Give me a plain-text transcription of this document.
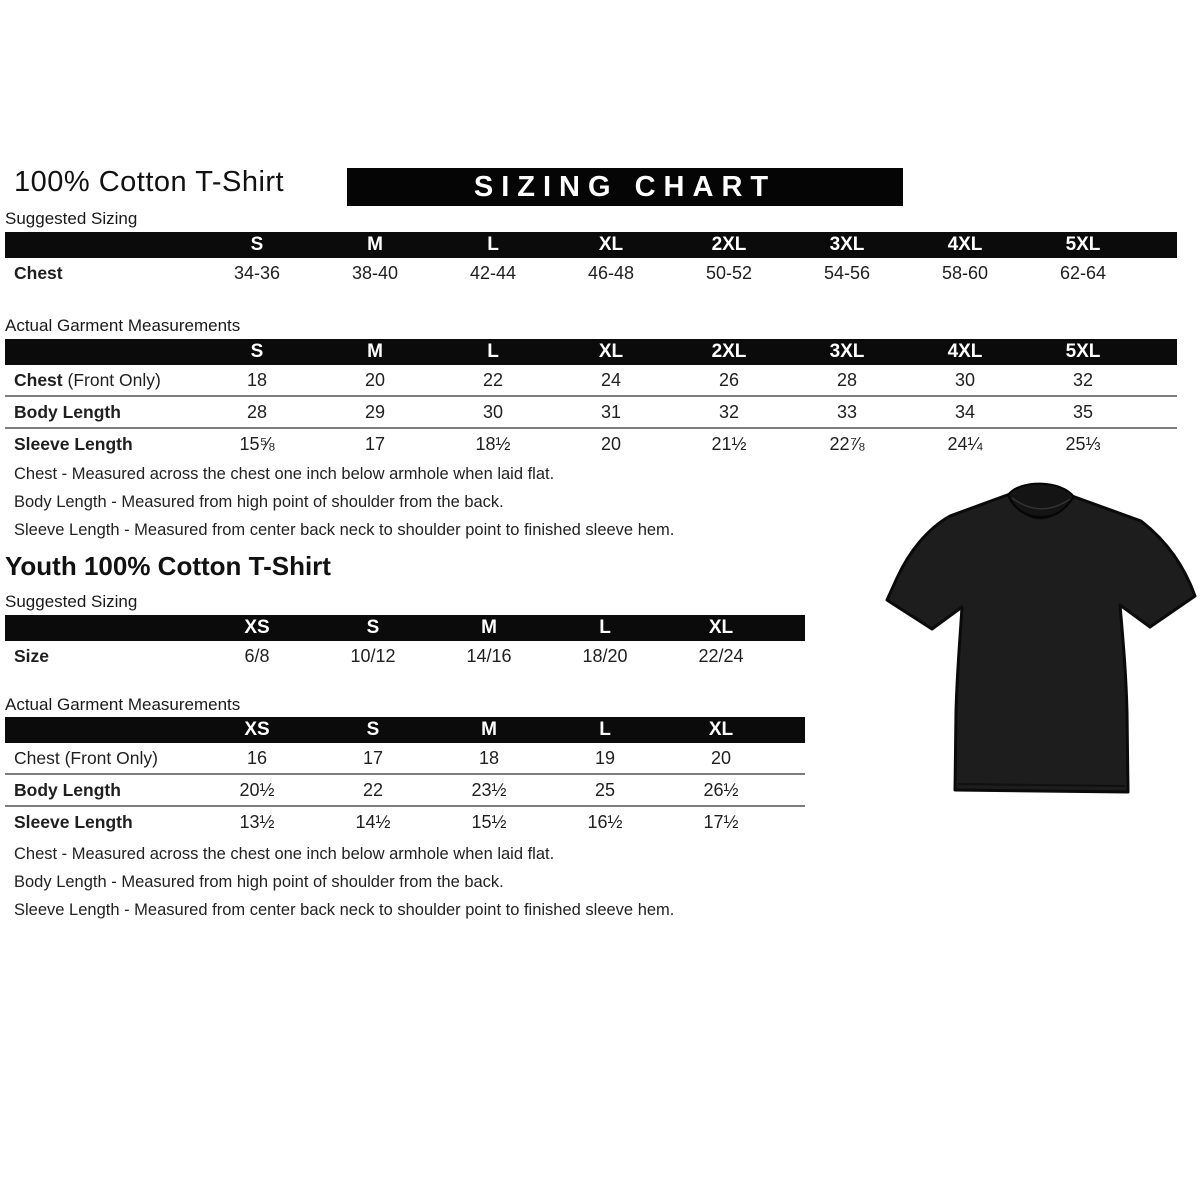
100% Cotton T-Shirt	SIZING CHART
Suggested Sizing
	S	M	L	XL	2XL	3XL	4XL	5XL	
Chest	34-36	38-40	42-44	46-48	50-52	54-56	58-60	62-64	
Actual Garment Measurements
	S	M	L	XL	2XL	3XL	4XL	5XL	
Chest (Front Only)	18	20	22	24	26	28	30	32	
Body Length	28	29	30	31	32	33	34	35	
Sleeve Length	15⅝	17	18½	20	21½	22⅞	24¼	25⅓	
Chest - Measured across the chest one inch below armhole when laid flat.
Body Length - Measured from high point of shoulder from the back.
Sleeve Length - Measured from center back neck to shoulder point to finished sleeve hem.
Youth 100% Cotton T-Shirt
Suggested Sizing
	XS	S	M	L	XL	
Size	6/8	10/12	14/16	18/20	22/24	
Actual Garment Measurements
	XS	S	M	L	XL	
Chest (Front Only)	16	17	18	19	20	
Body Length	20½	22	23½	25	26½	
Sleeve Length	13½	14½	15½	16½	17½	
Chest - Measured across the chest one inch below armhole when laid flat.
Body Length - Measured from high point of shoulder from the back.
Sleeve Length - Measured from center back neck to shoulder point to finished sleeve hem.
